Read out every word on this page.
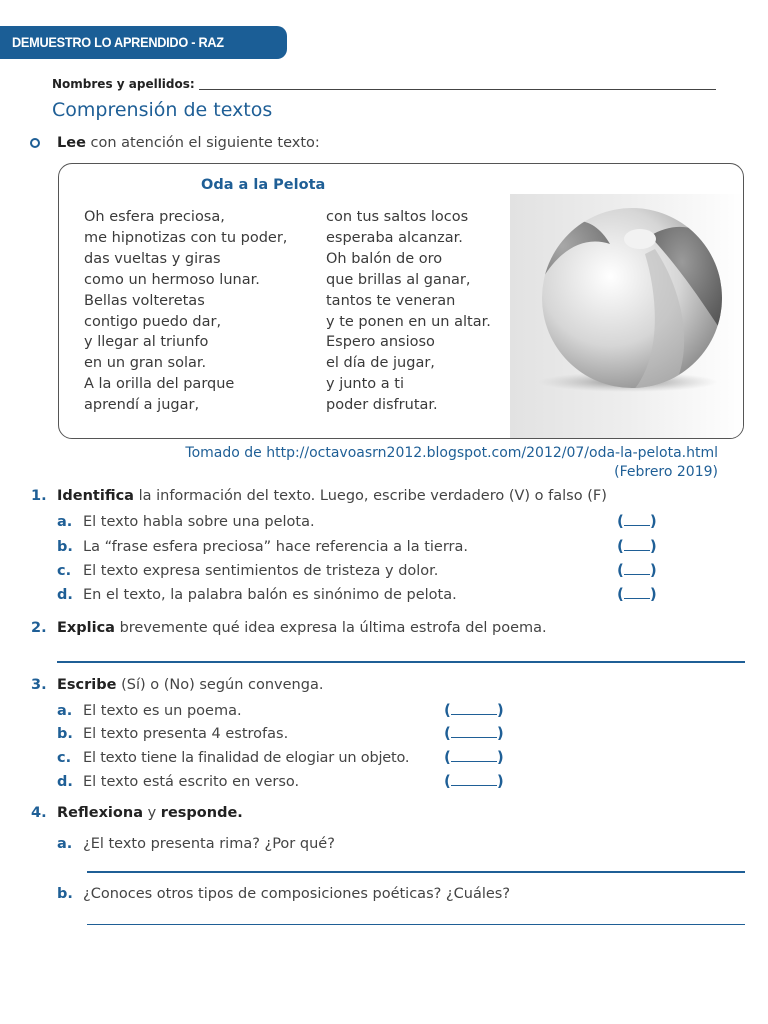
DEMUESTRO LO APRENDIDO - RAZ VERBAL
Nombres y apellidos:
Comprensión de textos
Lee con atención el siguiente texto:
Oda a la Pelota
Oh esfera preciosa,
me hipnotizas con tu poder,
das vueltas y giras
como un hermoso lunar.
Bellas volteretas
contigo puedo dar,
y llegar al triunfo
en un gran solar.
A la orilla del parque
aprendí a jugar,
con tus saltos locos
esperaba alcanzar.
Oh balón de oro
que brillas al ganar,
tantos te veneran
y te ponen en un altar.
Espero ansioso
el día de jugar,
y junto a ti
poder disfrutar.
Tomado de http://octavoasrn2012.blogspot.com/2012/07/oda-la-pelota.html
(Febrero 2019)
1. Identifica la información del texto. Luego, escribe verdadero (V) o falso (F)
a. El texto habla sobre una pelota.	( )
b. La “frase esfera preciosa” hace referencia a la tierra.	( )
c. El texto expresa sentimientos de tristeza y dolor.	( )
d. En el texto, la palabra balón es sinónimo de pelota.	( )
2. Explica brevemente qué idea expresa la última estrofa del poema.
3. Escribe (Sí) o (No) según convenga.
a. El texto es un poema.	(	)
b. El texto presenta 4 estrofas.	(	)
c. El texto tiene la finalidad de elogiar un objeto. (	)
d. El texto está escrito en verso.	(	)
4. Reflexiona y responde.
a. ¿El texto presenta rima? ¿Por qué?
b. ¿Conoces otros tipos de composiciones poéticas? ¿Cuáles?
